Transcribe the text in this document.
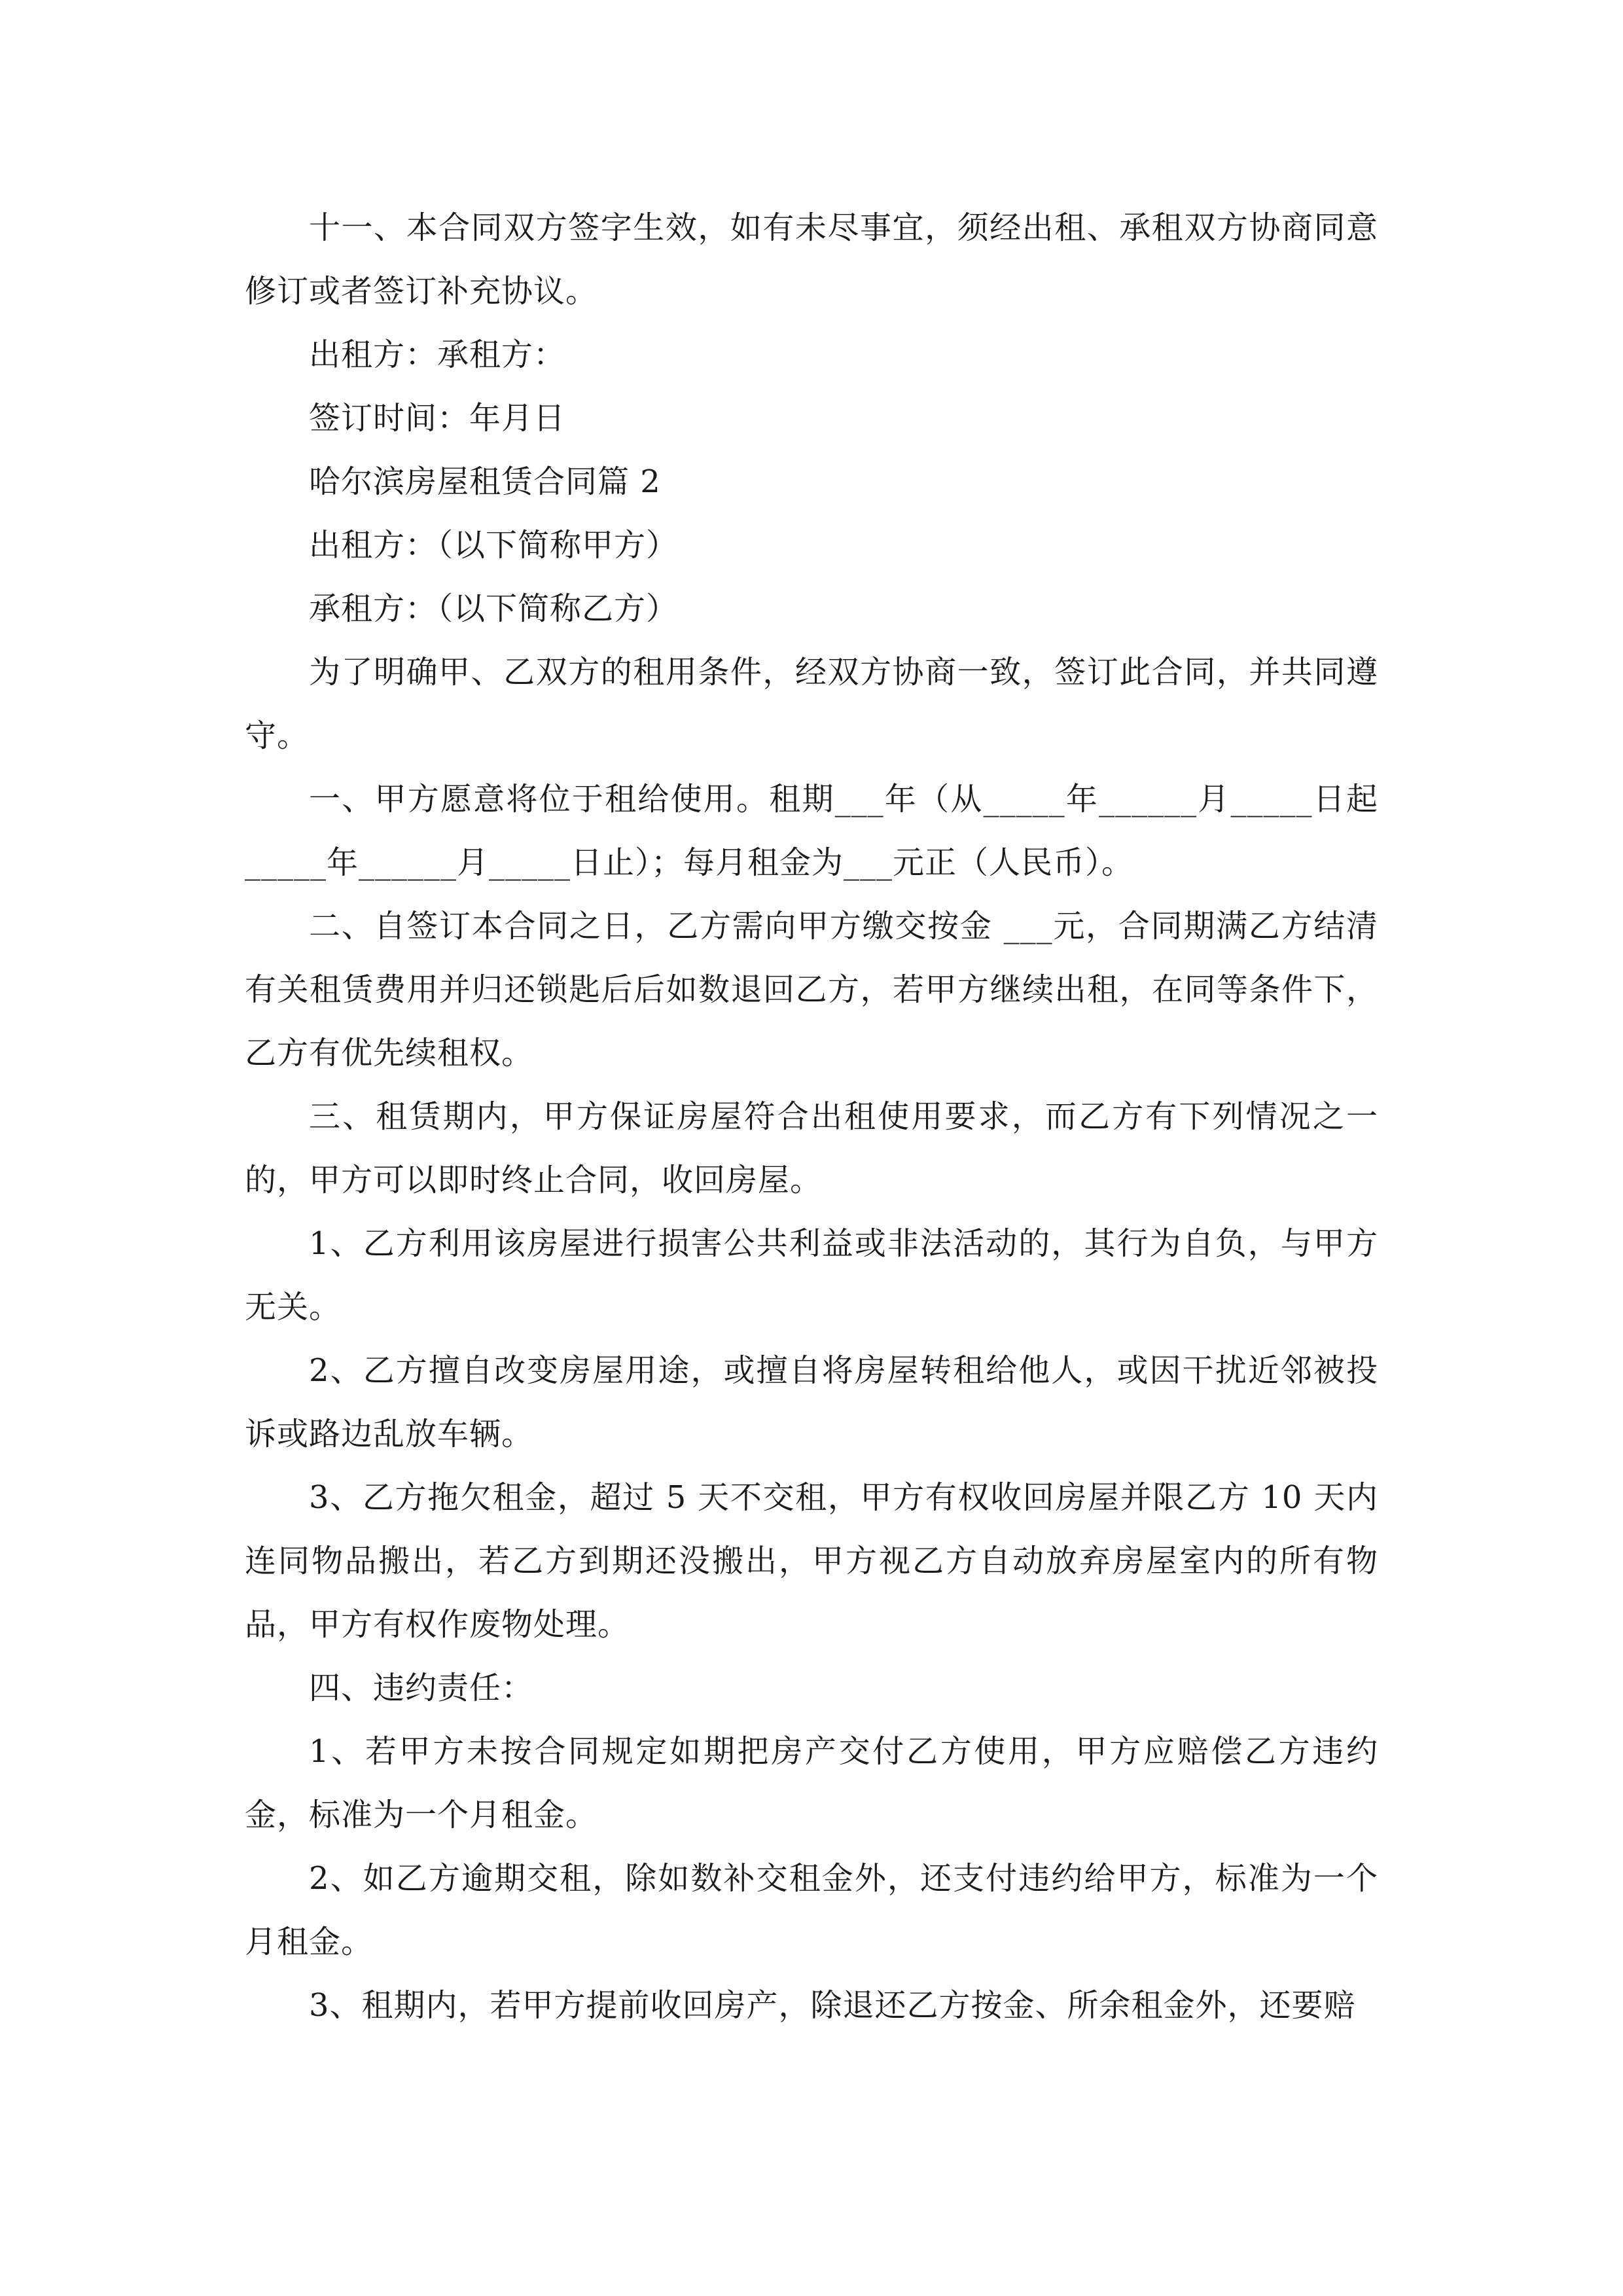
十一、本合同双方签字生效，如有未尽事宜，须经出租、承租双方协商同意修订或者签订补充协议。

出租方：承租方：

签订时间：年月日

哈尔滨房屋租赁合同篇 2

出租方：（以下简称甲方）

承租方：（以下简称乙方）

为了明确甲、乙双方的租用条件，经双方协商一致，签订此合同，并共同遵守。

一、甲方愿意将位于租给使用。租期___年（从_____年______月_____日起_____年______月_____日止）；每月租金为___元正（人民币）。

二、自签订本合同之日，乙方需向甲方缴交按金 ___元，合同期满乙方结清有关租赁费用并归还锁匙后后如数退回乙方，若甲方继续出租，在同等条件下，乙方有优先续租权。

三、租赁期内，甲方保证房屋符合出租使用要求，而乙方有下列情况之一的，甲方可以即时终止合同，收回房屋。

1、乙方利用该房屋进行损害公共利益或非法活动的，其行为自负，与甲方无关。

2、乙方擅自改变房屋用途，或擅自将房屋转租给他人，或因干扰近邻被投诉或路边乱放车辆。

3、乙方拖欠租金，超过 5 天不交租，甲方有权收回房屋并限乙方 10 天内连同物品搬出，若乙方到期还没搬出，甲方视乙方自动放弃房屋室内的所有物品，甲方有权作废物处理。

四、违约责任：

1、若甲方未按合同规定如期把房产交付乙方使用，甲方应赔偿乙方违约金，标准为一个月租金。

2、如乙方逾期交租，除如数补交租金外，还支付违约给甲方，标准为一个月租金。

3、租期内，若甲方提前收回房产，除退还乙方按金、所余租金外，还要赔
